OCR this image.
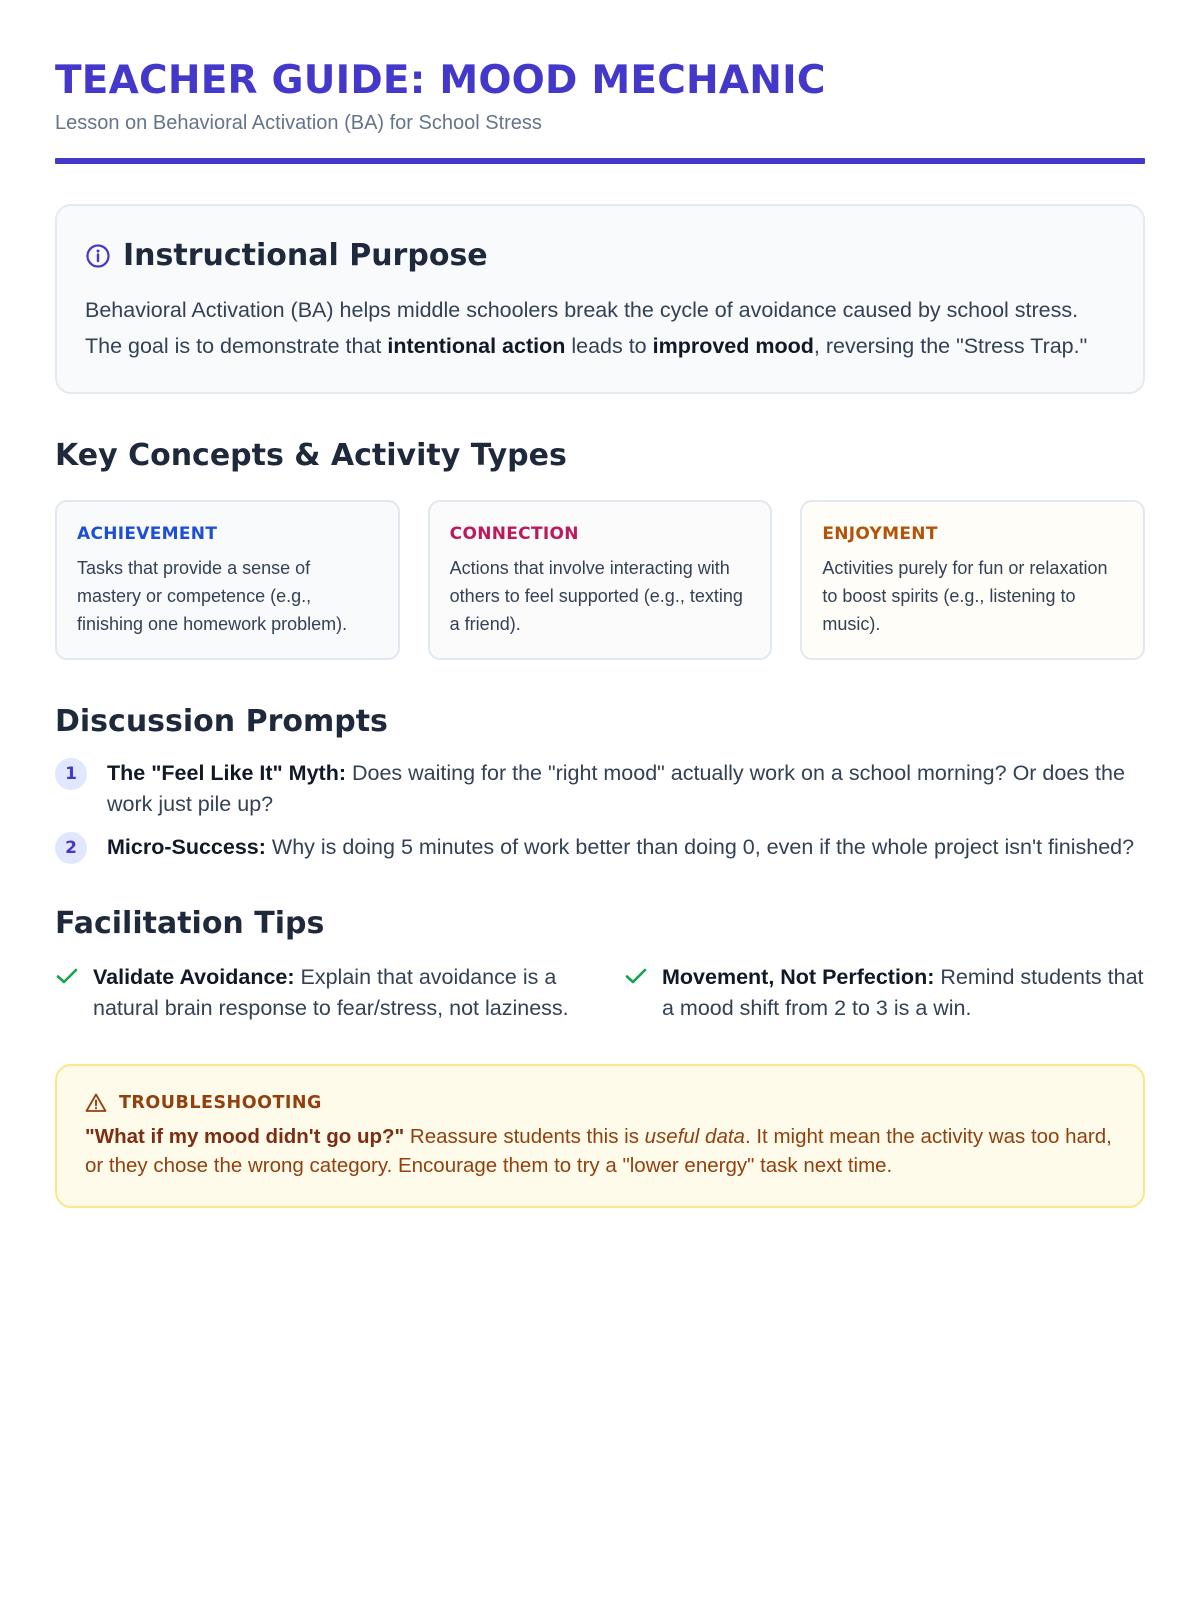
TEACHER GUIDE: MOOD MECHANIC
Lesson on Behavioral Activation (BA) for School Stress
Instructional Purpose

Behavioral Activation (BA) helps middle schoolers break the cycle of avoidance caused by school stress. The goal is to demonstrate that intentional action leads to improved mood, reversing the "Stress Trap."

Key Concepts & Activity Types
ACHIEVEMENT
Tasks that provide a sense of mastery or competence (e.g., finishing one homework problem).
CONNECTION
Actions that involve interacting with others to feel supported (e.g., texting a friend).
ENJOYMENT
Activities purely for fun or relaxation to boost spirits (e.g., listening to music).
Discussion Prompts
1	The "Feel Like It" Myth: Does waiting for the "right mood" actually work on a school morning? Or does the work just pile up?
2	Micro-Success: Why is doing 5 minutes of work better than doing 0, even if the whole project isn't finished?
Facilitation Tips
Validate Avoidance: Explain that avoidance is a natural brain response to fear/stress, not laziness.
Movement, Not Perfection: Remind students that a mood shift from 2 to 3 is a win.
TROUBLESHOOTING
"What if my mood didn't go up?" Reassure students this is useful data. It might mean the activity was too hard, or they chose the wrong category. Encourage them to try a "lower energy" task next time.
